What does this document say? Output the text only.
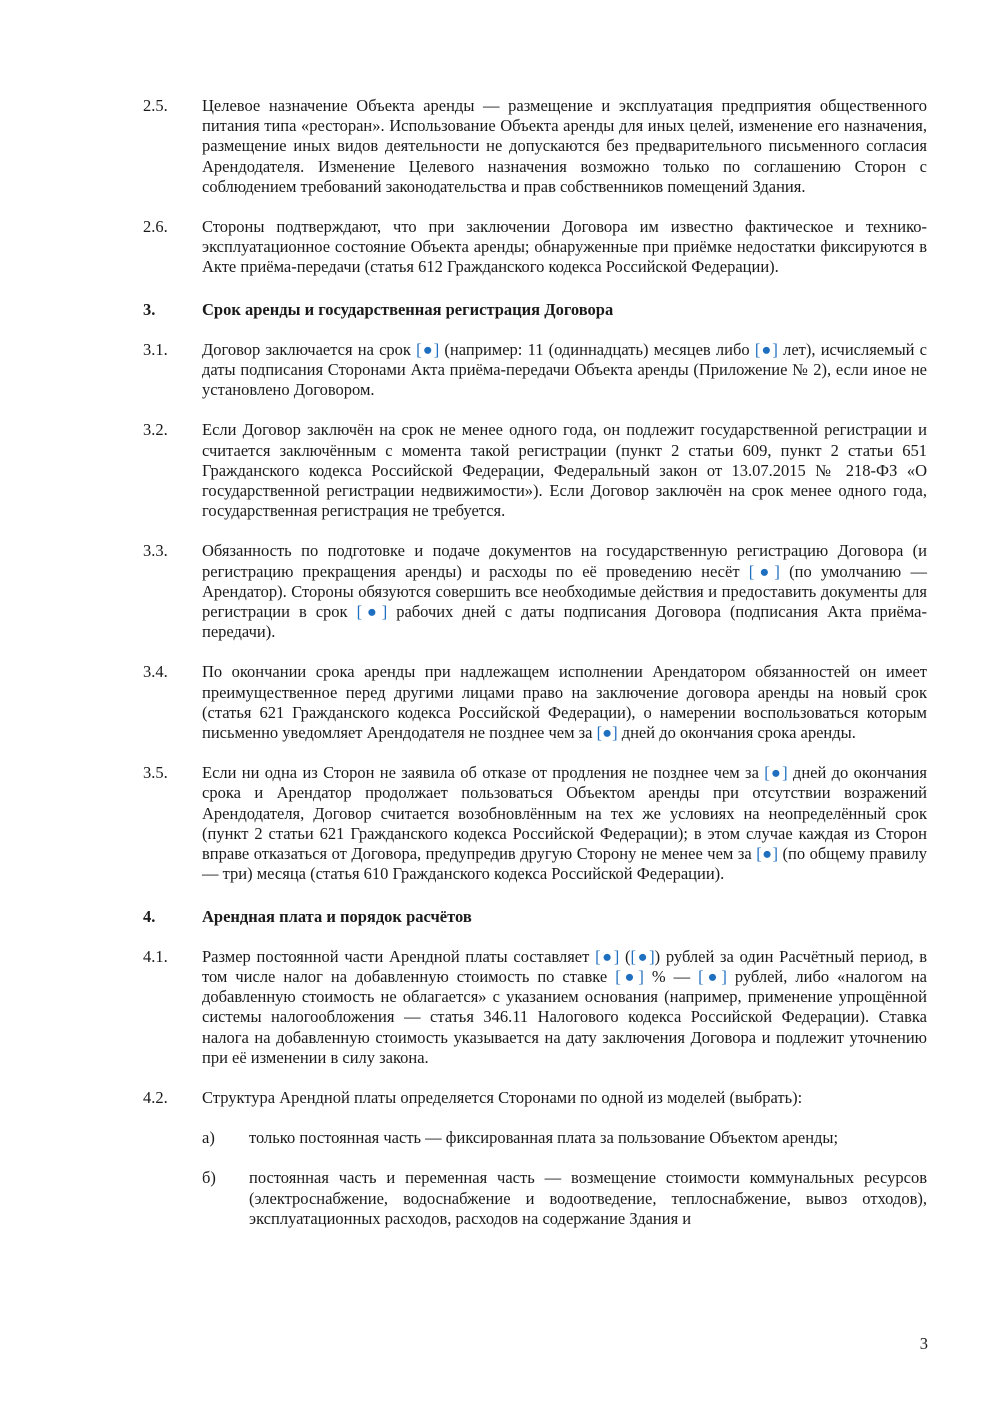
2.5.	Целевое назначение Объекта аренды — размещение и эксплуатация предприятия общественного питания типа «ресторан». Использование Объекта аренды для иных целей, изменение его назначения, размещение иных видов деятельности не допускаются без предварительного письменного согласия Арендодателя. Изменение Целевого назначения возможно только по соглашению Сторон с соблюдением требований законодательства и прав собственников помещений Здания.
2.6.	Стороны подтверждают, что при заключении Договора им известно фактическое и технико-эксплуатационное состояние Объекта аренды; обнаруженные при приёмке недостатки фиксируются в Акте приёма-передачи (статья 612 Гражданского кодекса Российской Федерации).
3.	Срок аренды и государственная регистрация Договора
3.1.	Договор заключается на срок [●] (например: 11 (одиннадцать) месяцев либо [●] лет), исчисляемый с даты подписания Сторонами Акта приёма-передачи Объекта аренды (Приложение № 2), если иное не установлено Договором.
3.2.	Если Договор заключён на срок не менее одного года, он подлежит государственной регистрации и считается заключённым с момента такой регистрации (пункт 2 статьи 609, пункт 2 статьи 651 Гражданского кодекса Российской Федерации, Федеральный закон от 13.07.2015 № 218-ФЗ «О государственной регистрации недвижимости»). Если Договор заключён на срок менее одного года, государственная регистрация не требуется.
3.3.	Обязанность по подготовке и подаче документов на государственную регистрацию Договора (и регистрацию прекращения аренды) и расходы по её проведению несёт [●] (по умолчанию — Арендатор). Стороны обязуются совершить все необходимые действия и предоставить документы для регистрации в срок [●] рабочих дней с даты подписания Договора (подписания Акта приёма-передачи).
3.4.	По окончании срока аренды при надлежащем исполнении Арендатором обязанностей он имеет преимущественное перед другими лицами право на заключение договора аренды на новый срок (статья 621 Гражданского кодекса Российской Федерации), о намерении воспользоваться которым письменно уведомляет Арендодателя не позднее чем за [●] дней до окончания срока аренды.
3.5.	Если ни одна из Сторон не заявила об отказе от продления не позднее чем за [●] дней до окончания срока и Арендатор продолжает пользоваться Объектом аренды при отсутствии возражений Арендодателя, Договор считается возобновлённым на тех же условиях на неопределённый срок (пункт 2 статьи 621 Гражданского кодекса Российской Федерации); в этом случае каждая из Сторон вправе отказаться от Договора, предупредив другую Сторону не менее чем за [●] (по общему правилу — три) месяца (статья 610 Гражданского кодекса Российской Федерации).
4.	Арендная плата и порядок расчётов
4.1.	Размер постоянной части Арендной платы составляет [●] ([●]) рублей за один Расчётный период, в том числе налог на добавленную стоимость по ставке [●] % — [●] рублей, либо «налогом на добавленную стоимость не облагается» с указанием основания (например, применение упрощённой системы налогообложения — статья 346.11 Налогового кодекса Российской Федерации). Ставка налога на добавленную стоимость указывается на дату заключения Договора и подлежит уточнению при её изменении в силу закона.
4.2.	Структура Арендной платы определяется Сторонами по одной из моделей (выбрать):
а)	только постоянная часть — фиксированная плата за пользование Объектом аренды;
б)	постоянная часть и переменная часть — возмещение стоимости коммунальных ресурсов (электроснабжение, водоснабжение и водоотведение, теплоснабжение, вывоз отходов), эксплуатационных расходов, расходов на содержание Здания и
3
